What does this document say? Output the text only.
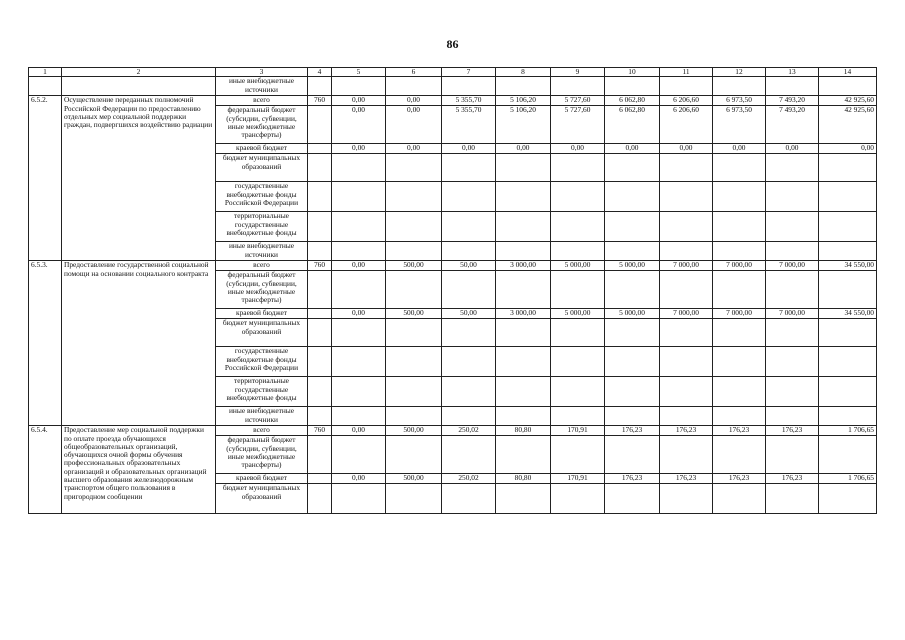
86
1	2	3	4	5	6	7	8	9	10	11	12	13	14
		иные внебюджетные источники											
6.5.2.	Осуществление переданных полномочий Российской Федерации по предоставлению отдельных мер социальной поддержки граждан, подвергшихся воздействию радиации	всего	760	0,00	0,00	5 355,70	5 106,20	5 727,60	6 062,80	6 206,60	6 973,50	7 493,20	42 925,60
		федеральный бюджет (субсидии, субвенции, иные межбюджетные трансферты)		0,00	0,00	5 355,70	5 106,20	5 727,60	6 062,80	6 206,60	6 973,50	7 493,20	42 925,60
		краевой бюджет		0,00	0,00	0,00	0,00	0,00	0,00	0,00	0,00	0,00	0,00
		бюджет муниципальных образований											
		государственные внебюджетные фонды Российской Федерации											
		территориальные государственные внебюджетные фонды											
		иные внебюджетные источники											
6.5.3.	Предоставление государственной социальной помощи на основании социального контракта	всего	760	0,00	500,00	50,00	3 000,00	5 000,00	5 000,00	7 000,00	7 000,00	7 000,00	34 550,00
		федеральный бюджет (субсидии, субвенции, иные межбюджетные трансферты)											
		краевой бюджет		0,00	500,00	50,00	3 000,00	5 000,00	5 000,00	7 000,00	7 000,00	7 000,00	34 550,00
		бюджет муниципальных образований											
		государственные внебюджетные фонды Российской Федерации											
		территориальные государственные внебюджетные фонды											
		иные внебюджетные источники											
6.5.4.	Предоставление мер социальной поддержки по оплате проезда обучающихся общеобразовательных организаций, обучающихся очной формы обучения профессиональных образовательных организаций и образовательных организаций высшего образования железнодорожным транспортом общего пользования в пригородном сообщении	всего	760	0,00	500,00	250,02	80,80	170,91	176,23	176,23	176,23	176,23	1 706,65
		федеральный бюджет (субсидии, субвенции, иные межбюджетные трансферты)											
		краевой бюджет		0,00	500,00	250,02	80,80	170,91	176,23	176,23	176,23	176,23	1 706,65
		бюджет муниципальных образований											
